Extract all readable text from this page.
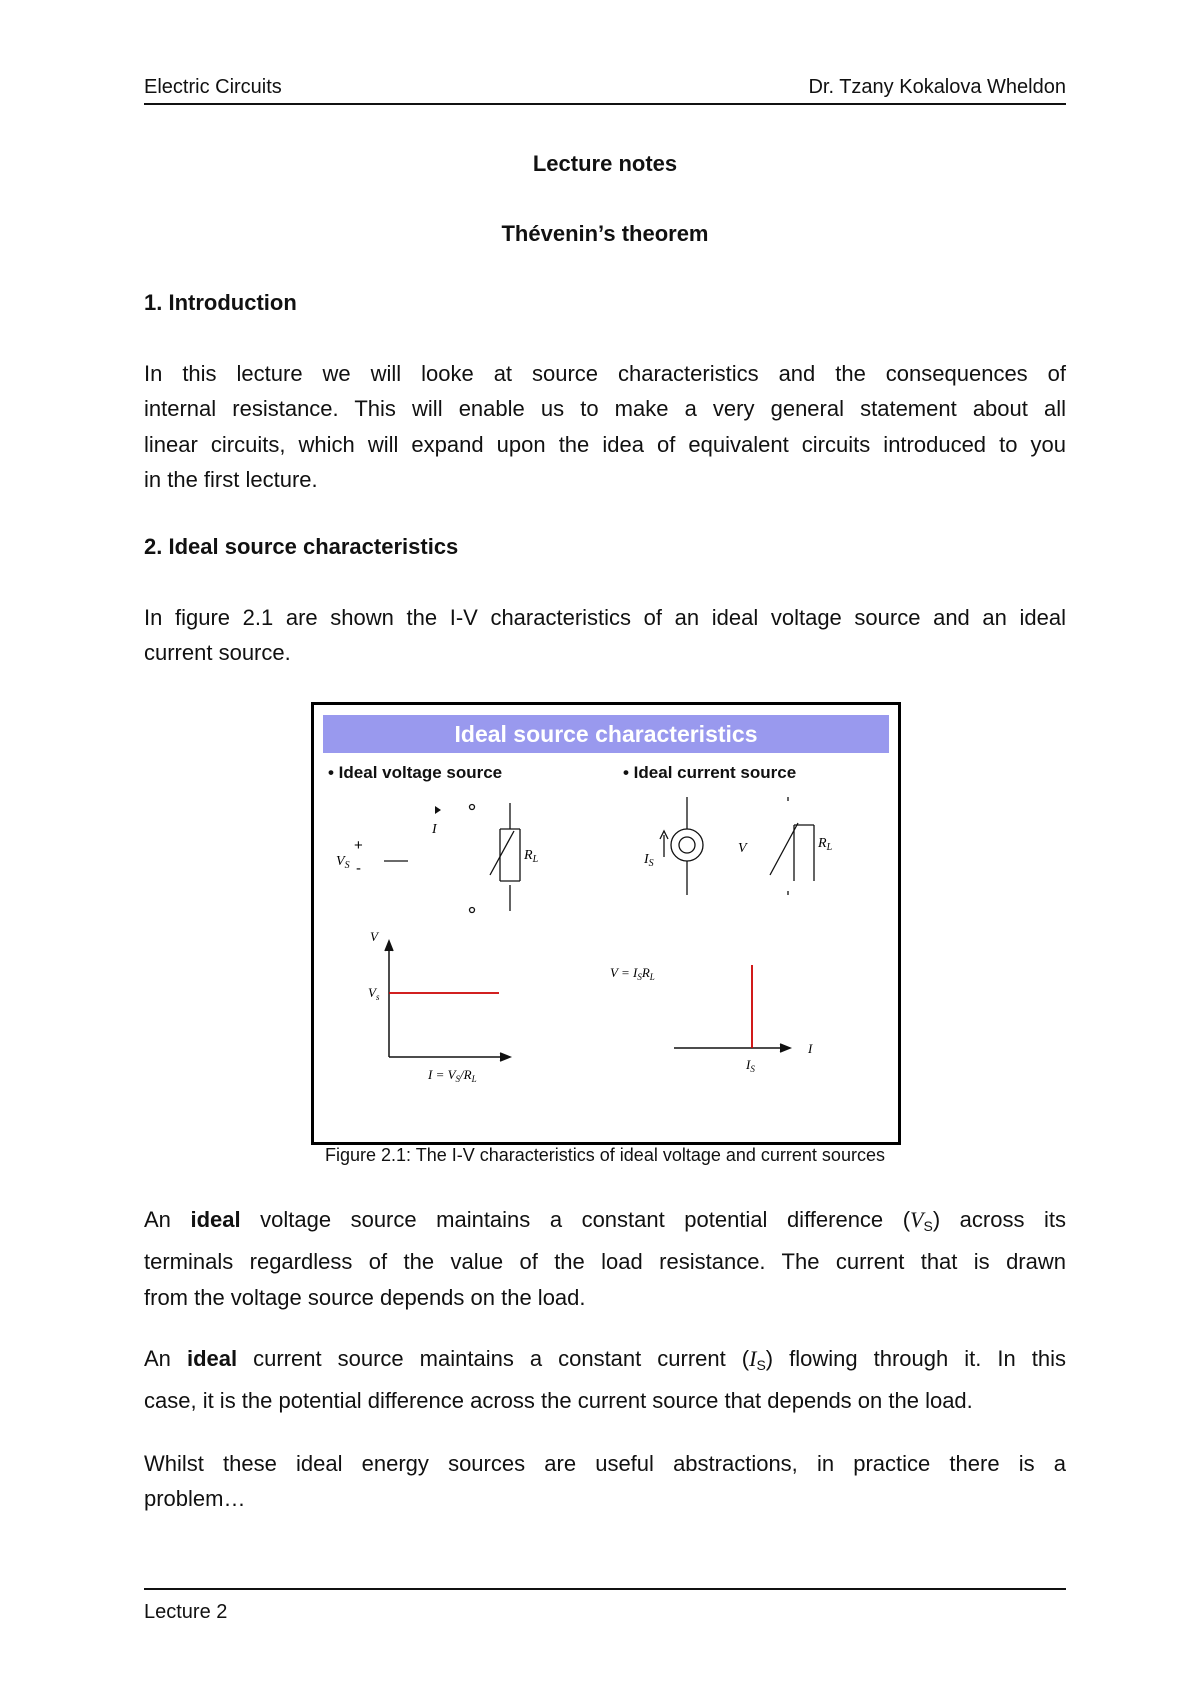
Electric Circuits	Dr. Tzany Kokalova Wheldon
Lecture notes
Thévenin’s theorem
1. Introduction
In this lecture we will looke at source characteristics and the consequences of
internal resistance. This will enable us to make a very general statement about all
linear circuits, which will expand upon the idea of equivalent circuits introduced to you
in the first lecture.
2. Ideal source characteristics
In figure 2.1 are shown the I-V characteristics of an ideal voltage source and an ideal
current source.
Ideal source characteristics
• Ideal voltage source	• Ideal current source
$V_S$
+
-
I
$R_L$	$I_S$
V	$R_L$
V
$V_s$
$I = V_S/R_L$
$V = I_SR_L$
$I_S$
I
Figure 2.1: The I-V characteristics of ideal voltage and current sources
An ideal voltage source maintains a constant potential difference $(V_S)$ across its
terminals regardless of the value of the load resistance. The current that is drawn
from the voltage source depends on the load.
An ideal current source maintains a constant current $(I_S)$ flowing through it. In this
case, it is the potential difference across the current source that depends on the load.
Whilst these ideal energy sources are useful abstractions, in practice there is a
problem…
Lecture 2
